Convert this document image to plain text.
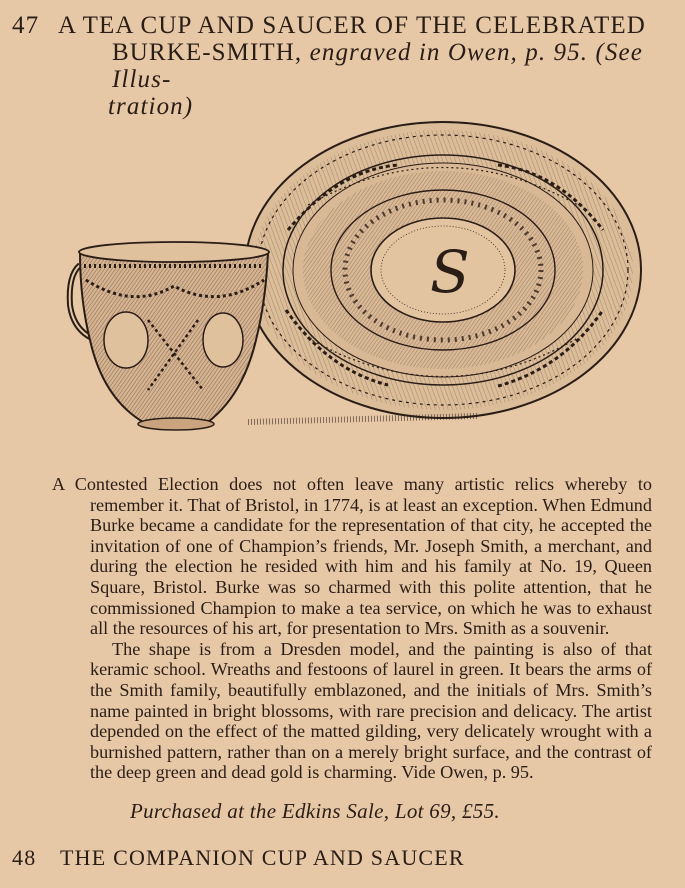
47 A TEA CUP AND SAUCER OF THE CELEBRATED
BURKE-SMITH, engraved in Owen, p. 95. (See Illus-
tration)
S

A Contested Election does not often leave many artistic relics whereby to remember it. That of Bristol, in 1774, is at least an exception. When Edmund Burke became a candidate for the representation of that city, he accepted the invitation of one of Champion’s friends, Mr. Joseph Smith, a merchant, and during the election he resided with him and his family at No. 19, Queen Square, Bristol. Burke was so charmed with this polite attention, that he commissioned Champion to make a tea service, on which he was to exhaust all the resources of his art, for presentation to Mrs. Smith as a souvenir.

The shape is from a Dresden model, and the painting is also of that keramic school. Wreaths and festoons of laurel in green. It bears the arms of the Smith family, beautifully emblazoned, and the initials of Mrs. Smith’s name painted in bright blossoms, with rare precision and delicacy. The artist depended on the effect of the matted gilding, very delicately wrought with a burnished pattern, rather than on a merely bright surface, and the contrast of the deep green and dead gold is charming. Vide Owen, p. 95.

Purchased at the Edkins Sale, Lot 69, £55.
48 THE COMPANION CUP AND SAUCER
